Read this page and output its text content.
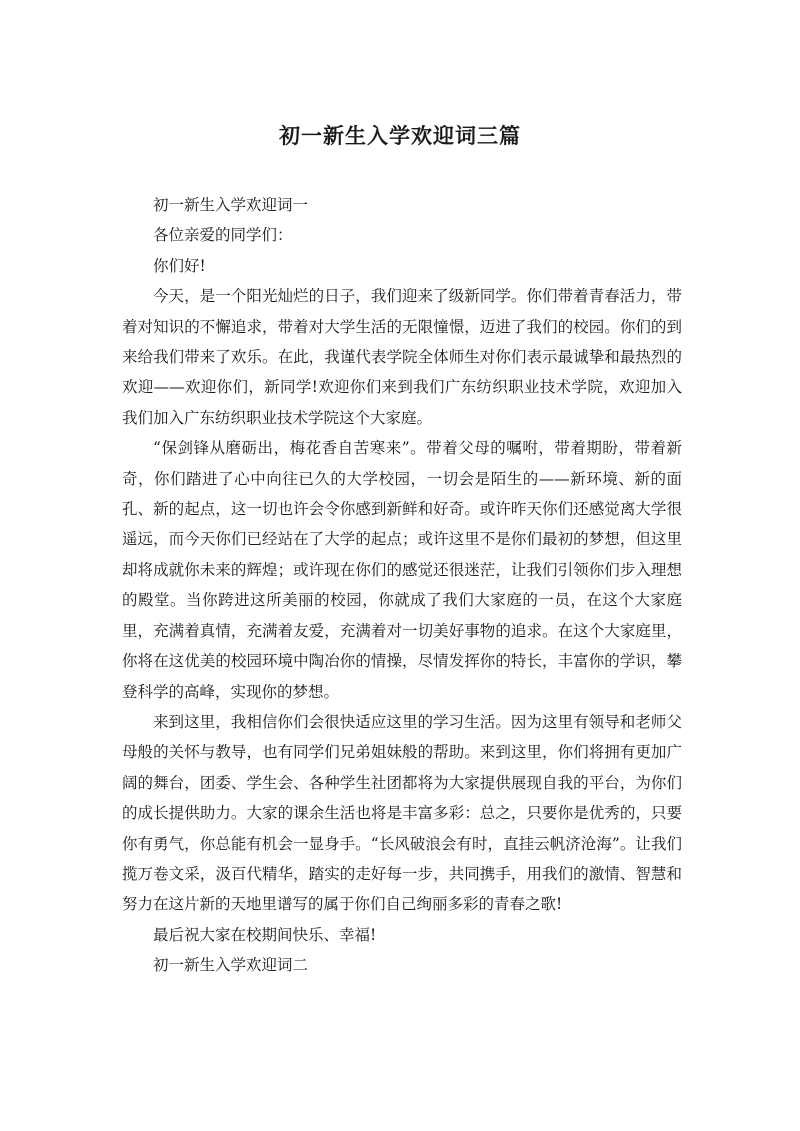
初一新生入学欢迎词三篇

初一新生入学欢迎词一

各位亲爱的同学们：

你们好!

今天，是一个阳光灿烂的日子，我们迎来了级新同学。你们带着青春活力，带着对知识的不懈追求，带着对大学生活的无限憧憬，迈进了我们的校园。你们的到来给我们带来了欢乐。在此，我谨代表学院全体师生对你们表示最诚挚和最热烈的欢迎——欢迎你们，新同学!欢迎你们来到我们广东纺织职业技术学院，欢迎加入我们加入广东纺织职业技术学院这个大家庭。

“保剑锋从磨砺出，梅花香自苦寒来”。带着父母的嘱咐，带着期盼，带着新奇，你们踏进了心中向往已久的大学校园，一切会是陌生的——新环境、新的面孔、新的起点，这一切也许会令你感到新鲜和好奇。或许昨天你们还感觉离大学很遥远，而今天你们已经站在了大学的起点；或许这里不是你们最初的梦想，但这里却将成就你未来的辉煌；或许现在你们的感觉还很迷茫，让我们引领你们步入理想的殿堂。当你跨进这所美丽的校园，你就成了我们大家庭的一员，在这个大家庭里，充满着真情，充满着友爱，充满着对一切美好事物的追求。在这个大家庭里，你将在这优美的校园环境中陶冶你的情操，尽情发挥你的特长，丰富你的学识，攀登科学的高峰，实现你的梦想。

来到这里，我相信你们会很快适应这里的学习生活。因为这里有领导和老师父母般的关怀与教导，也有同学们兄弟姐妹般的帮助。来到这里，你们将拥有更加广阔的舞台，团委、学生会、各种学生社团都将为大家提供展现自我的平台，为你们的成长提供助力。大家的课余生活也将是丰富多彩：总之，只要你是优秀的，只要你有勇气，你总能有机会一显身手。“长风破浪会有时，直挂云帆济沧海”。让我们揽万卷文采，汲百代精华，踏实的走好每一步，共同携手，用我们的激情、智慧和努力在这片新的天地里谱写的属于你们自己绚丽多彩的青春之歌!

最后祝大家在校期间快乐、幸福!

初一新生入学欢迎词二
